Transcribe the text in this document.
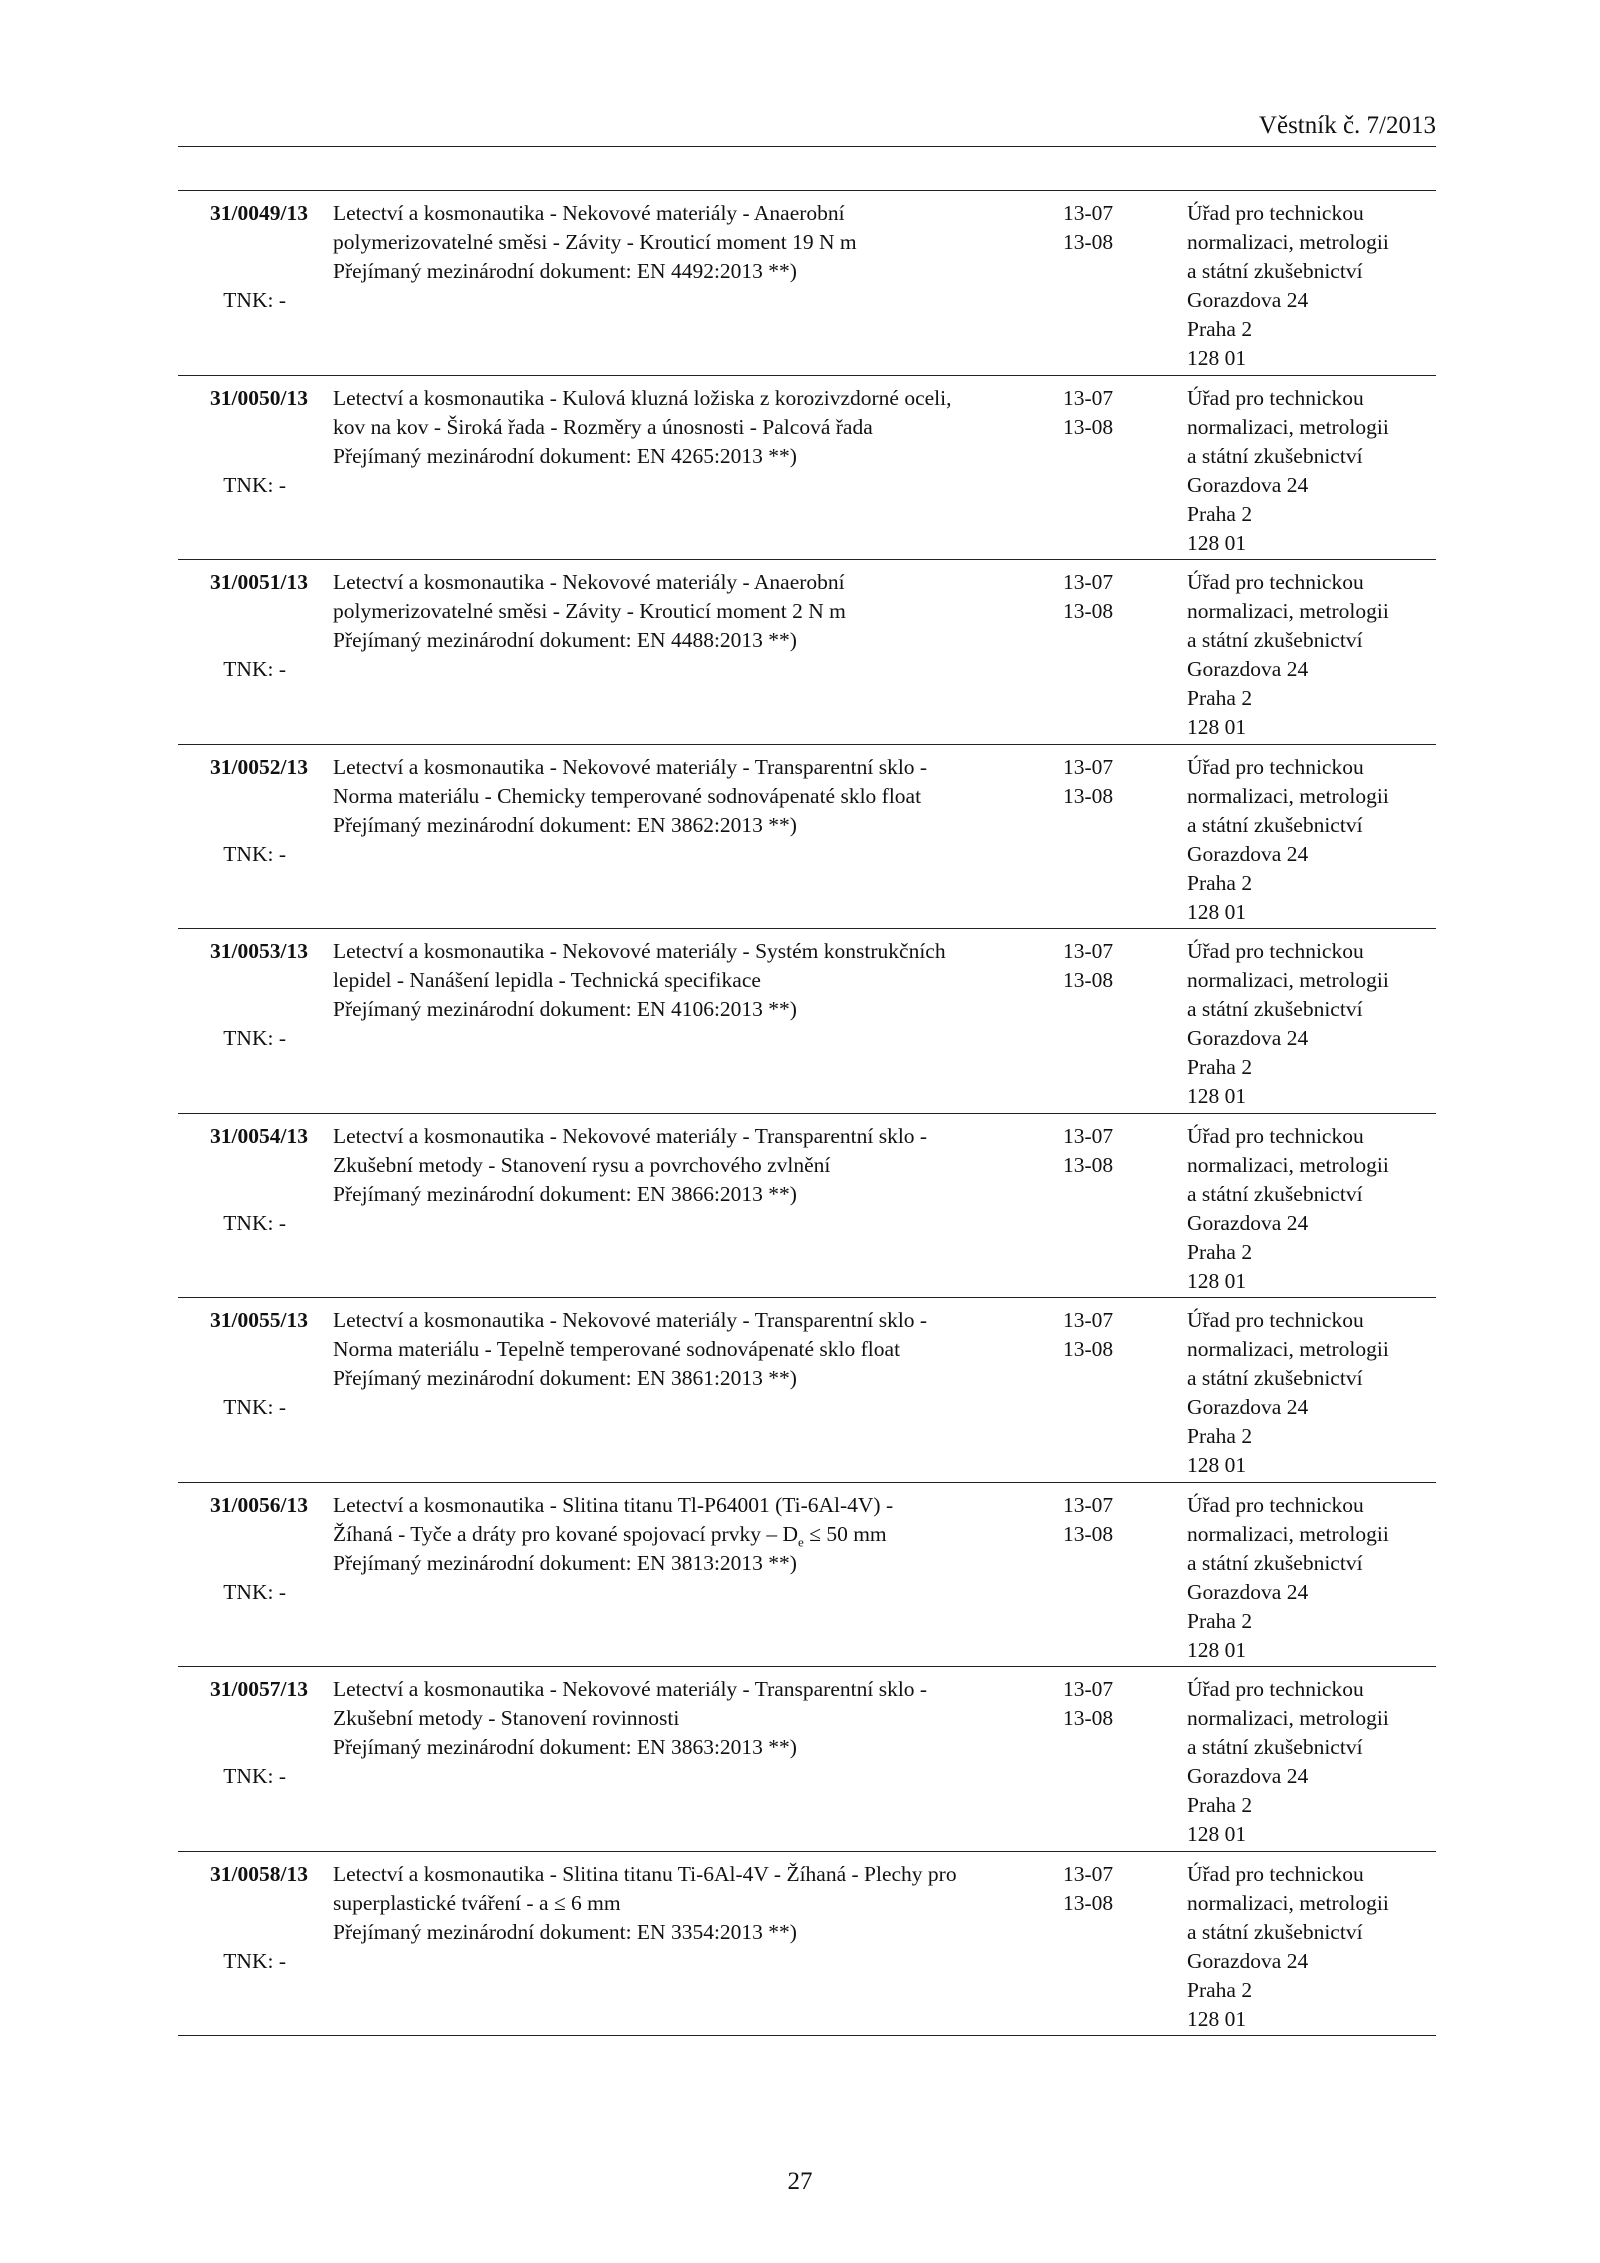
Věstník č. 7/2013
31/0049/13
TNK: -
Letectví a kosmonautika - Nekovové materiály - Anaerobní
polymerizovatelné směsi - Závity - Krouticí moment 19 N m
Přejímaný mezinárodní dokument: EN 4492:2013 **)
13-07
13-08
Úřad pro technickou
normalizaci, metrologii
a státní zkušebnictví
Gorazdova 24
Praha 2
128 01
31/0050/13
TNK: -
Letectví a kosmonautika - Kulová kluzná ložiska z korozivzdorné oceli,
kov na kov - Široká řada - Rozměry a únosnosti - Palcová řada
Přejímaný mezinárodní dokument: EN 4265:2013 **)
13-07
13-08
Úřad pro technickou
normalizaci, metrologii
a státní zkušebnictví
Gorazdova 24
Praha 2
128 01
31/0051/13
TNK: -
Letectví a kosmonautika - Nekovové materiály - Anaerobní
polymerizovatelné směsi - Závity - Krouticí moment 2 N m
Přejímaný mezinárodní dokument: EN 4488:2013 **)
13-07
13-08
Úřad pro technickou
normalizaci, metrologii
a státní zkušebnictví
Gorazdova 24
Praha 2
128 01
31/0052/13
TNK: -
Letectví a kosmonautika - Nekovové materiály - Transparentní sklo -
Norma materiálu - Chemicky temperované sodnovápenaté sklo float
Přejímaný mezinárodní dokument: EN 3862:2013 **)
13-07
13-08
Úřad pro technickou
normalizaci, metrologii
a státní zkušebnictví
Gorazdova 24
Praha 2
128 01
31/0053/13
TNK: -
Letectví a kosmonautika - Nekovové materiály - Systém konstrukčních
lepidel - Nanášení lepidla - Technická specifikace
Přejímaný mezinárodní dokument: EN 4106:2013 **)
13-07
13-08
Úřad pro technickou
normalizaci, metrologii
a státní zkušebnictví
Gorazdova 24
Praha 2
128 01
31/0054/13
TNK: -
Letectví a kosmonautika - Nekovové materiály - Transparentní sklo -
Zkušební metody - Stanovení rysu a povrchového zvlnění
Přejímaný mezinárodní dokument: EN 3866:2013 **)
13-07
13-08
Úřad pro technickou
normalizaci, metrologii
a státní zkušebnictví
Gorazdova 24
Praha 2
128 01
31/0055/13
TNK: -
Letectví a kosmonautika - Nekovové materiály - Transparentní sklo -
Norma materiálu - Tepelně temperované sodnovápenaté sklo float
Přejímaný mezinárodní dokument: EN 3861:2013 **)
13-07
13-08
Úřad pro technickou
normalizaci, metrologii
a státní zkušebnictví
Gorazdova 24
Praha 2
128 01
31/0056/13
TNK: -
Letectví a kosmonautika - Slitina titanu Tl-P64001 (Ti-6Al-4V) -
Žíhaná - Tyče a dráty pro kované spojovací prvky – $D_e \le 50$ mm
Přejímaný mezinárodní dokument: EN 3813:2013 **)
13-07
13-08
Úřad pro technickou
normalizaci, metrologii
a státní zkušebnictví
Gorazdova 24
Praha 2
128 01
31/0057/13
TNK: -
Letectví a kosmonautika - Nekovové materiály - Transparentní sklo -
Zkušební metody - Stanovení rovinnosti
Přejímaný mezinárodní dokument: EN 3863:2013 **)
13-07
13-08
Úřad pro technickou
normalizaci, metrologii
a státní zkušebnictví
Gorazdova 24
Praha 2
128 01
31/0058/13
TNK: -
Letectví a kosmonautika - Slitina titanu Ti-6Al-4V - Žíhaná - Plechy pro
superplastické tváření - a ≤ 6 mm
Přejímaný mezinárodní dokument: EN 3354:2013 **)
13-07
13-08
Úřad pro technickou
normalizaci, metrologii
a státní zkušebnictví
Gorazdova 24
Praha 2
128 01
27
